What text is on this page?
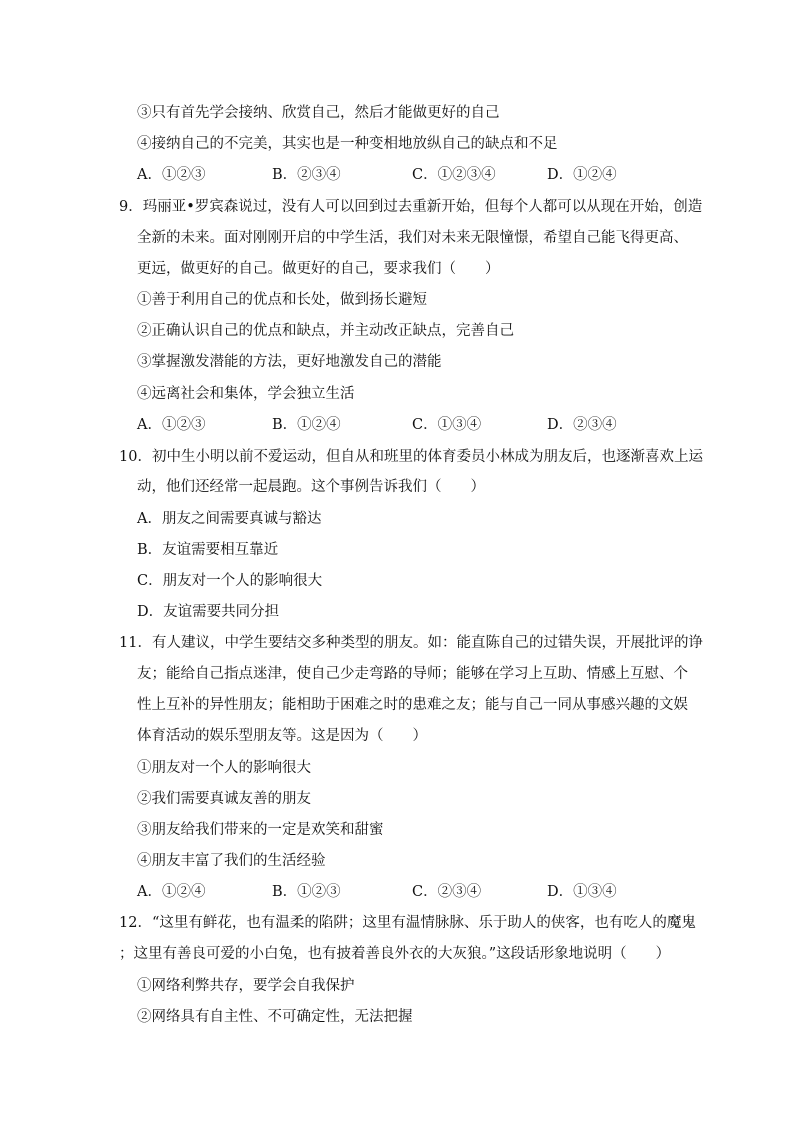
③只有首先学会接纳、欣赏自己，然后才能做更好的自己
④接纳自己的不完美，其实也是一种变相地放纵自己的缺点和不足
A．①②③	B．②③④	C．①②③④	D．①②④
9．玛丽亚•罗宾森说过，没有人可以回到过去重新开始，但每个人都可以从现在开始，创造
全新的未来。面对刚刚开启的中学生活，我们对未来无限憧憬，希望自己能飞得更高、
更远，做更好的自己。做更好的自己，要求我们（　　）
①善于利用自己的优点和长处，做到扬长避短
②正确认识自己的优点和缺点，并主动改正缺点，完善自己
③掌握激发潜能的方法，更好地激发自己的潜能
④远离社会和集体，学会独立生活
A．①②③	B．①②④	C．①③④	D．②③④
10．初中生小明以前不爱运动，但自从和班里的体育委员小林成为朋友后，也逐渐喜欢上运
动，他们还经常一起晨跑。这个事例告诉我们（　　）
A．朋友之间需要真诚与豁达
B．友谊需要相互靠近
C．朋友对一个人的影响很大
D．友谊需要共同分担
11．有人建议，中学生要结交多种类型的朋友。如：能直陈自己的过错失误，开展批评的诤
友；能给自己指点迷津，使自己少走弯路的导师；能够在学习上互助、情感上互慰、个
性上互补的异性朋友；能相助于困难之时的患难之友；能与自己一同从事感兴趣的文娱
体育活动的娱乐型朋友等。这是因为（　　）
①朋友对一个人的影响很大
②我们需要真诚友善的朋友
③朋友给我们带来的一定是欢笑和甜蜜
④朋友丰富了我们的生活经验
A．①②④	B．①②③	C．②③④	D．①③④
12．“这里有鲜花，也有温柔的陷阱；这里有温情脉脉、乐于助人的侠客，也有吃人的魔鬼
；这里有善良可爱的小白兔，也有披着善良外衣的大灰狼。”这段话形象地说明（　　）
①网络利弊共存，要学会自我保护
②网络具有自主性、不可确定性，无法把握
